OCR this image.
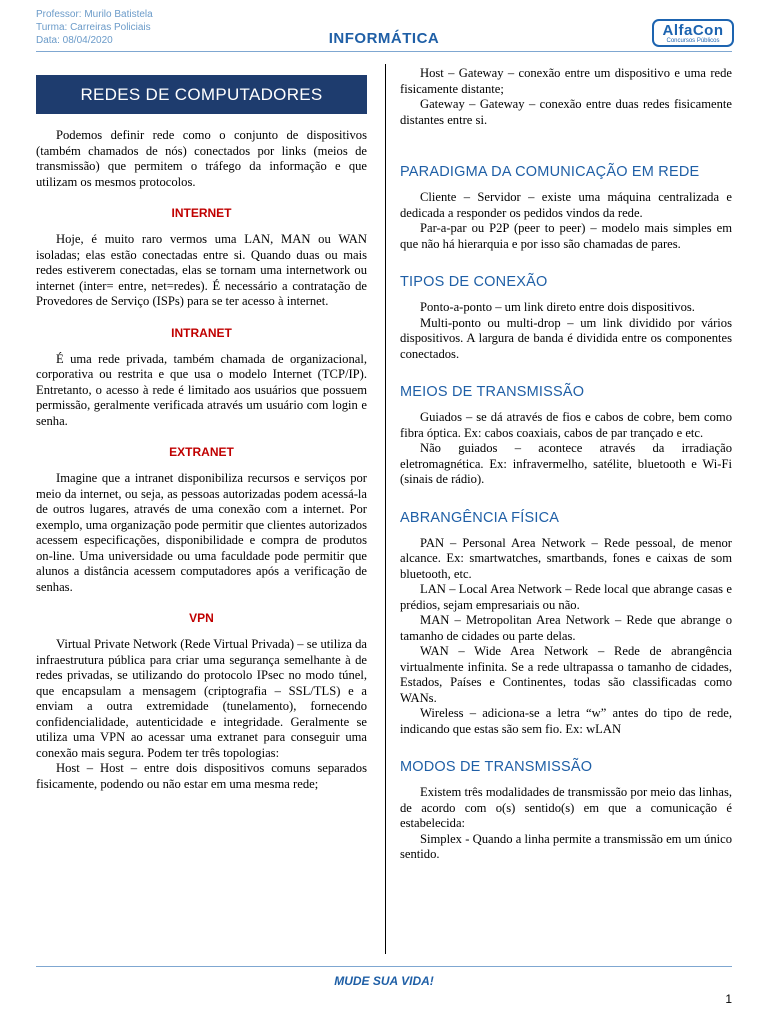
Professor: Murilo Batistela
Turma: Carreiras Policiais
Data: 08/04/2020	INFORMÁTICA	AlfaCon
Concursos Públicos
REDES DE COMPUTADORES

Podemos definir rede como o conjunto de dispositivos (também chamados de nós) conectados por links (meios de transmissão) que permitem o tráfego da informação e que utilizam os mesmos protocolos.

INTERNET

Hoje, é muito raro vermos uma LAN, MAN ou WAN isoladas; elas estão conectadas entre si. Quando duas ou mais redes estiverem conectadas, elas se tornam uma internetwork ou internet (inter= entre, net=redes). É necessário a contratação de Provedores de Serviço (ISPs) para se ter acesso à internet.

INTRANET

É uma rede privada, também chamada de organizacional, corporativa ou restrita e que usa o modelo Internet (TCP/IP). Entretanto, o acesso à rede é limitado aos usuários que possuem permissão, geralmente verificada através um usuário com login e senha.

EXTRANET

Imagine que a intranet disponibiliza recursos e serviços por meio da internet, ou seja, as pessoas autorizadas podem acessá-la de outros lugares, através de uma conexão com a internet. Por exemplo, uma organização pode permitir que clientes autorizados acessem especificações, disponibilidade e compra de produtos on-line. Uma universidade ou uma faculdade pode permitir que alunos a distância acessem computadores após a verificação de senhas.

VPN

Virtual Private Network (Rede Virtual Privada) – se utiliza da infraestrutura pública para criar uma segurança semelhante à de redes privadas, se utilizando do protocolo IPsec no modo túnel, que encapsulam a mensagem (criptografia – SSL/TLS) e a enviam a outra extremidade (tunelamento), fornecendo confidencialidade, autenticidade e integridade. Geralmente se utiliza uma VPN ao acessar uma extranet para conseguir uma conexão mais segura. Podem ter três topologias:

Host – Host – entre dois dispositivos comuns separados fisicamente, podendo ou não estar em uma mesma rede;

Host – Gateway – conexão entre um dispositivo e uma rede fisicamente distante;

Gateway – Gateway – conexão entre duas redes fisicamente distantes entre si.

PARADIGMA DA COMUNICAÇÃO EM REDE

Cliente – Servidor – existe uma máquina centralizada e dedicada a responder os pedidos vindos da rede.

Par-a-par ou P2P (peer to peer) – modelo mais simples em que não há hierarquia e por isso são chamadas de pares.

TIPOS DE CONEXÃO

Ponto-a-ponto – um link direto entre dois dispositivos.

Multi-ponto ou multi-drop – um link dividido por vários dispositivos. A largura de banda é dividida entre os componentes conectados.

MEIOS DE TRANSMISSÃO

Guiados – se dá através de fios e cabos de cobre, bem como fibra óptica. Ex: cabos coaxiais, cabos de par trançado e etc.

Não guiados – acontece através da irradiação eletromagnética. Ex: infravermelho, satélite, bluetooth e Wi-Fi (sinais de rádio).

ABRANGÊNCIA FÍSICA

PAN – Personal Area Network – Rede pessoal, de menor alcance. Ex: smartwatches, smartbands, fones e caixas de som bluetooth, etc.

LAN – Local Area Network – Rede local que abrange casas e prédios, sejam empresariais ou não.

MAN – Metropolitan Area Network – Rede que abrange o tamanho de cidades ou parte delas.

WAN – Wide Area Network – Rede de abrangência virtualmente infinita. Se a rede ultrapassa o tamanho de cidades, Estados, Países e Continentes, todas são classificadas como WANs.

Wireless – adiciona-se a letra “w” antes do tipo de rede, indicando que estas são sem fio. Ex: wLAN

MODOS DE TRANSMISSÃO

Existem três modalidades de transmissão por meio das linhas, de acordo com o(s) sentido(s) em que a comunicação é estabelecida:

Simplex - Quando a linha permite a transmissão em um único sentido.

MUDE SUA VIDA!
1
